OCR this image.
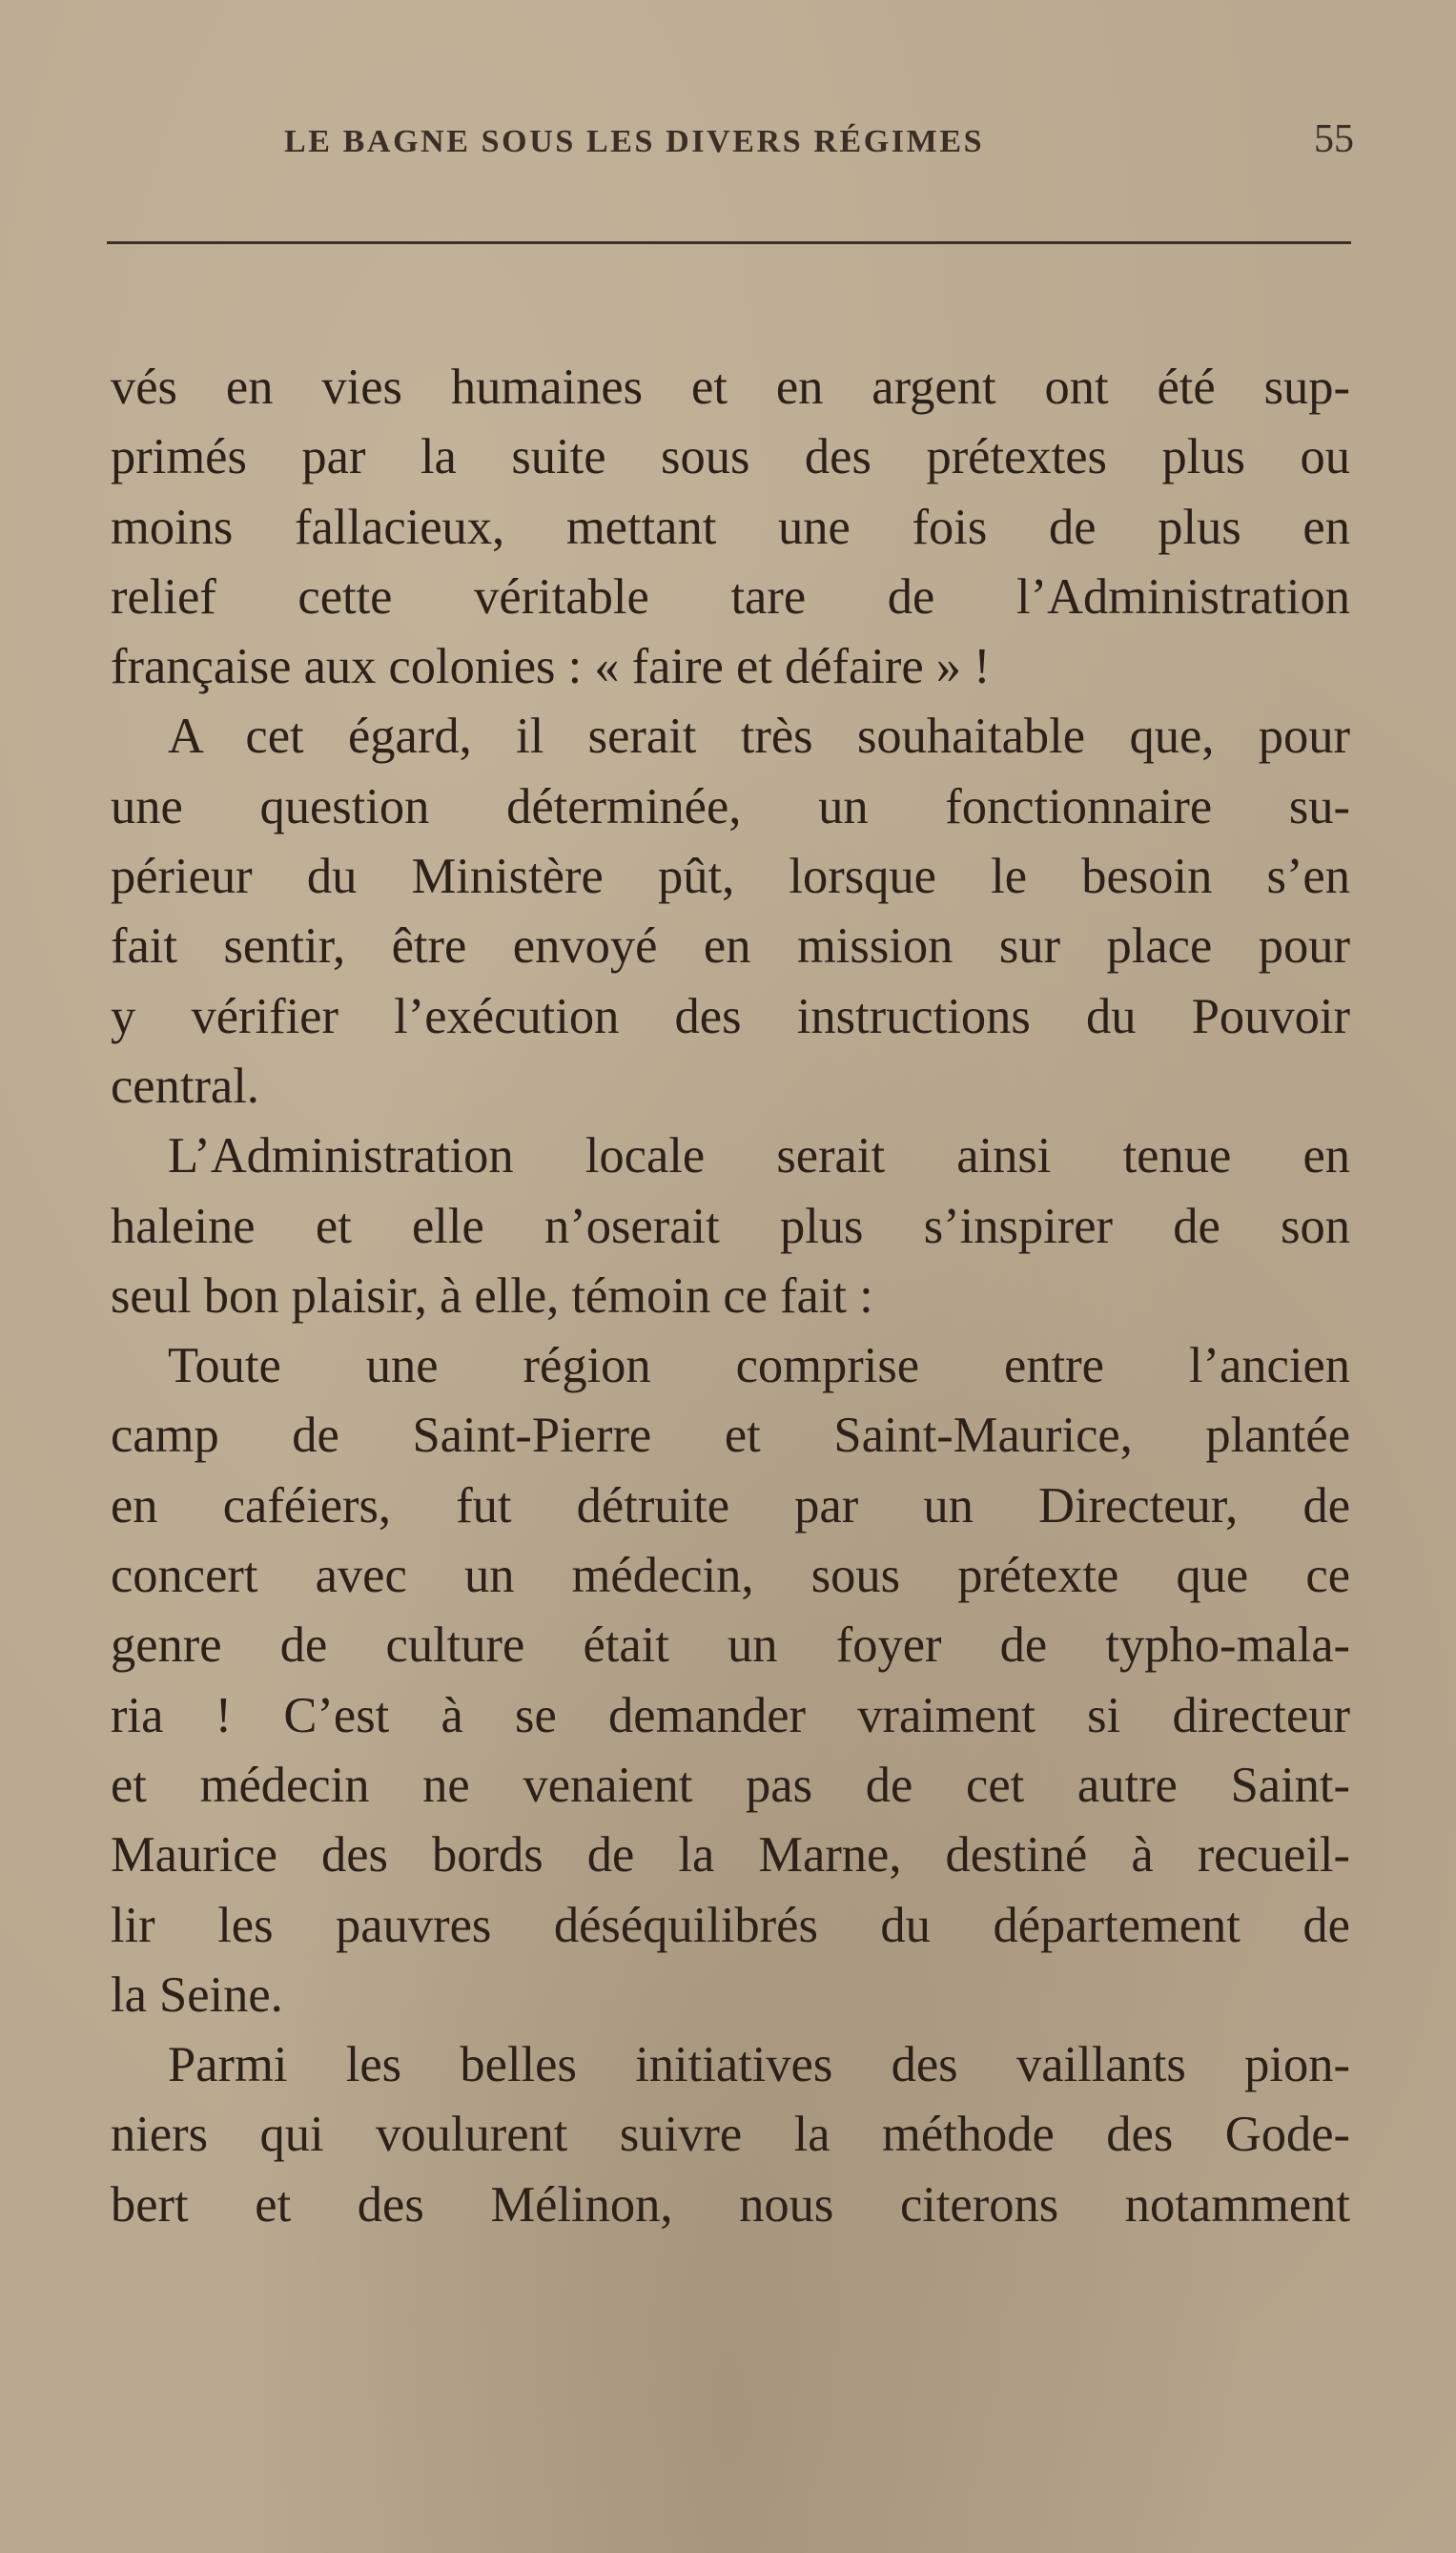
LE BAGNE SOUS LES DIVERS RÉGIMES	55
vés en vies humaines et en argent ont été sup-
primés par la suite sous des prétextes plus ou
moins fallacieux, mettant une fois de plus en
relief cette véritable tare de l’Administration
française aux colonies : « faire et défaire » !
A cet égard, il serait très souhaitable que, pour
une question déterminée, un fonctionnaire su-
périeur du Ministère pût, lorsque le besoin s’en
fait sentir, être envoyé en mission sur place pour
y vérifier l’exécution des instructions du Pouvoir
central.
L’Administration locale serait ainsi tenue en
haleine et elle n’oserait plus s’inspirer de son
seul bon plaisir, à elle, témoin ce fait :
Toute une région comprise entre l’ancien
camp de Saint-Pierre et Saint-Maurice, plantée
en caféiers, fut détruite par un Directeur, de
concert avec un médecin, sous prétexte que ce
genre de culture était un foyer de typho-mala-
ria ! C’est à se demander vraiment si directeur
et médecin ne venaient pas de cet autre Saint-
Maurice des bords de la Marne, destiné à recueil-
lir les pauvres déséquilibrés du département de
la Seine.
Parmi les belles initiatives des vaillants pion-
niers qui voulurent suivre la méthode des Gode-
bert et des Mélinon, nous citerons notamment
